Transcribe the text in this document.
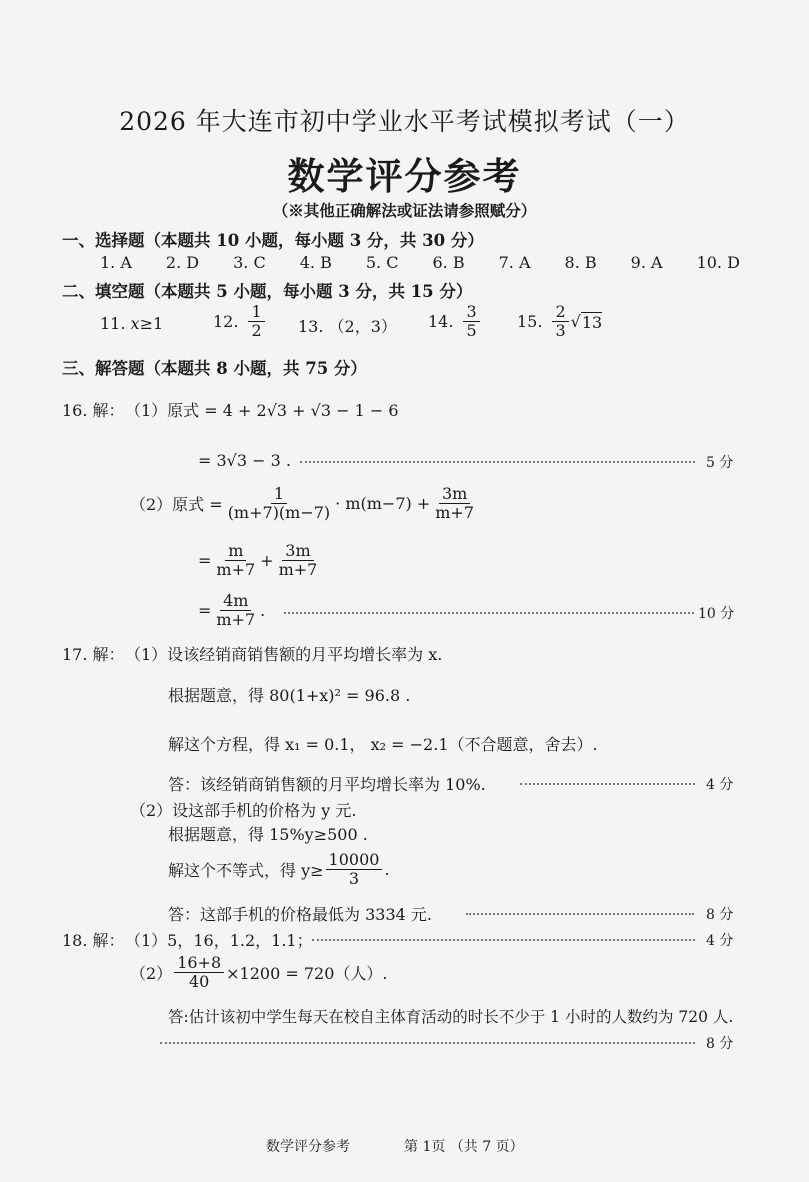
2026 年大连市初中学业水平考试模拟考试（一）
数学评分参考
（※其他正确解法或证法请参照赋分）
一、选择题（本题共 10 小题，每小题 3 分，共 30 分）
1. A 2. D 3. C 4. B 5. C 6. B 7. A 8. B 9. A 10. D
二、填空题（本题共 5 小题，每小题 3 分，共 15 分）
11. x≥1	12. $\frac{1}{2} 13$. （2，3） 14. $\frac{3}{5} 15$. $\frac{2}{3}$ √ 13
三、解答题（本题共 8 小题，共 75 分）
16. 解： （1）原式 = 4 + 2√3 + √3 − 1 − 6
= 3√3 − 3 .	5 分
（2）原式 = $\frac{1}{(m+7)(m-7)} \cdot m(m-7) + \frac{3m}{m+7}$
= $\frac{m}{m+7} + \frac{3m}{m+7}$
= $\frac{4m}{m+7}$ .	10 分
17. 解： （1）设该经销商销售额的月平均增长率为 x.
根据题意，得 80(1+x)² = 96.8 .
解这个方程，得 x₁ = 0.1， x₂ = −2.1（不合题意，舍去）.
答：该经销商销售额的月平均增长率为 10%.	4 分
（2）设这部手机的价格为 y 元.
根据题意，得 15%y≥500 .
解这个不等式，得 $y\ge \frac{10000}{3}$ .
答：这部手机的价格最低为 3334 元.	8 分
18. 解： （1）5，16，1.2，1.1；	4 分
$(2) \frac{16+8}{40} \times 1200 = 720$（人）.
答:估计该初中学生每天在校自主体育活动的时长不少于 1 小时的人数约为 720 人.
8 分
数学评分参考	第 1页 （共 7 页）
